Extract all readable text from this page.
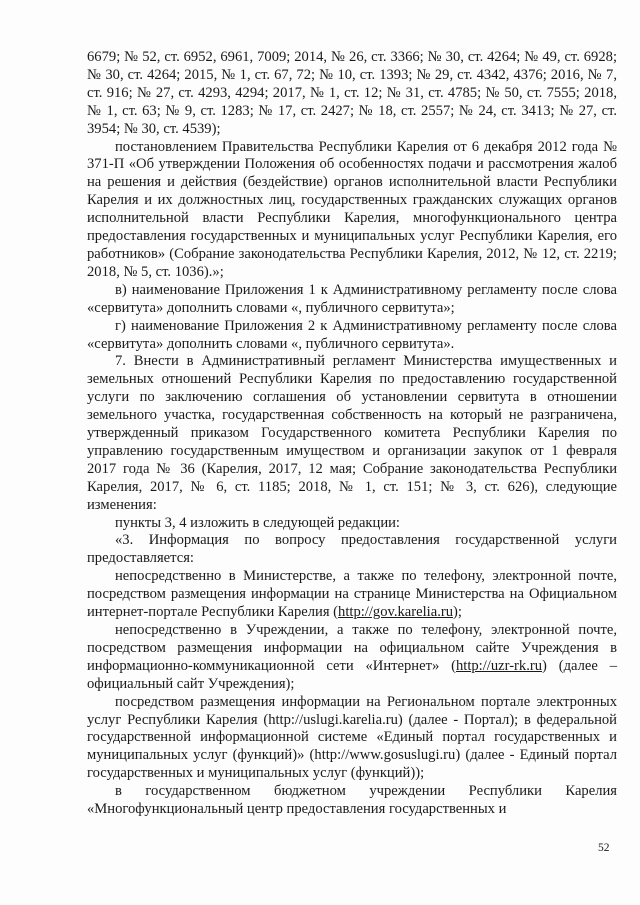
6679; № 52, ст. 6952, 6961, 7009; 2014, № 26, ст. 3366; № 30, ст. 4264; № 49, ст. 6928; № 30, ст. 4264; 2015, № 1, ст. 67, 72; № 10, ст. 1393; № 29, ст. 4342, 4376; 2016, № 7, ст. 916; № 27, ст. 4293, 4294; 2017, № 1, ст. 12; № 31, ст. 4785; № 50, ст. 7555; 2018, № 1, ст. 63; № 9, ст. 1283; № 17, ст. 2427; № 18, ст. 2557; № 24, ст. 3413; № 27, ст. 3954; № 30, ст. 4539);

постановлением Правительства Республики Карелия от 6 декабря 2012 года № 371-П «Об утверждении Положения об особенностях подачи и рассмотрения жалоб на решения и действия (бездействие) органов исполнительной власти Республики Карелия и их должностных лиц, государственных гражданских служащих органов исполнительной власти Республики Карелия, многофункционального центра предоставления государственных и муниципальных услуг Республики Карелия, его работников» (Собрание законодательства Республики Карелия, 2012, № 12, ст. 2219; 2018, № 5, ст. 1036).»;

в) наименование Приложения 1 к Административному регламенту после слова «сервитута» дополнить словами «, публичного сервитута»;

г) наименование Приложения 2 к Административному регламенту после слова «сервитута» дополнить словами «, публичного сервитута».

7. Внести в Административный регламент Министерства имущественных и земельных отношений Республики Карелия по предоставлению государственной услуги по заключению соглашения об установлении сервитута в отношении земельного участка, государственная собственность на который не разграничена, утвержденный приказом Государственного комитета Республики Карелия по управлению государственным имуществом и организации закупок от 1 февраля 2017 года № 36 (Карелия, 2017, 12 мая; Собрание законодательства Республики Карелия, 2017, № 6, ст. 1185; 2018, № 1, ст. 151; № 3, ст. 626), следующие изменения:

пункты 3, 4 изложить в следующей редакции:

«3. Информация по вопросу предоставления государственной услуги предоставляется:

непосредственно в Министерстве, а также по телефону, электронной почте, посредством размещения информации на странице Министерства на Официальном интернет-портале Республики Карелия (http://gov.karelia.ru);

непосредственно в Учреждении, а также по телефону, электронной почте, посредством размещения информации на официальном сайте Учреждения в информационно-коммуникационной сети «Интернет» (http://uzr-rk.ru) (далее – официальный сайт Учреждения);

посредством размещения информации на Региональном портале электронных услуг Республики Карелия (http://uslugi.karelia.ru) (далее - Портал); в федеральной государственной информационной системе «Единый портал государственных и муниципальных услуг (функций)» (http://www.gosuslugi.ru) (далее - Единый портал государственных и муниципальных услуг (функций));

в государственном бюджетном учреждении Республики Карелия «Многофункциональный центр предоставления государственных и

52
